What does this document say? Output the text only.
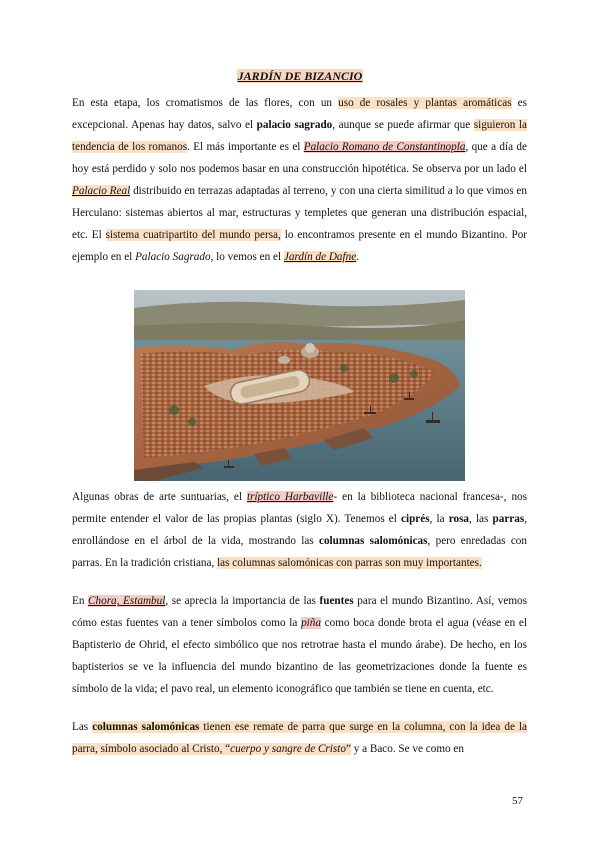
JARDÍN DE BIZANCIO

En esta etapa, los cromatismos de las flores, con un uso de rosales y plantas aromáticas es excepcional. Apenas hay datos, salvo el palacio sagrado, aunque se puede afirmar que siguieron la tendencia de los romanos. El más importante es el Palacio Romano de Constantinopla, que a día de hoy está perdido y solo nos podemos basar en una construcción hipotética. Se observa por un lado el Palacio Real distribuido en terrazas adaptadas al terreno, y con una cierta similitud a lo que vimos en Herculano: sistemas abiertos al mar, estructuras y templetes que generan una distribución espacial, etc. El sistema cuatripartito del mundo persa, lo encontramos presente en el mundo Bizantino. Por ejemplo en el Palacio Sagrado, lo vemos en el Jardín de Dafne.

Algunas obras de arte suntuarias, el tríptico Harbaville- en la biblioteca nacional francesa-, nos permite entender el valor de las propias plantas (siglo X). Tenemos el ciprés, la rosa, las parras, enrollándose en el árbol de la vida, mostrando las columnas salomónicas, pero enredadas con parras. En la tradición cristiana, las columnas salomónicas con parras son muy importantes.

En Chora, Estambul, se aprecia la importancia de las fuentes para el mundo Bizantino. Así, vemos cómo estas fuentes van a tener símbolos como la piña como boca donde brota el agua (véase en el Baptisterio de Ohrid, el efecto simbólico que nos retrotrae hasta el mundo árabe). De hecho, en los baptisterios se ve la influencia del mundo bizantino de las geometrizaciones donde la fuente es símbolo de la vida; el pavo real, un elemento iconográfico que también se tiene en cuenta, etc.

Las columnas salomónicas tienen ese remate de parra que surge en la columna, con la idea de la parra, símbolo asociado al Cristo, “cuerpo y sangre de Cristo” y a Baco. Se ve como en

57
